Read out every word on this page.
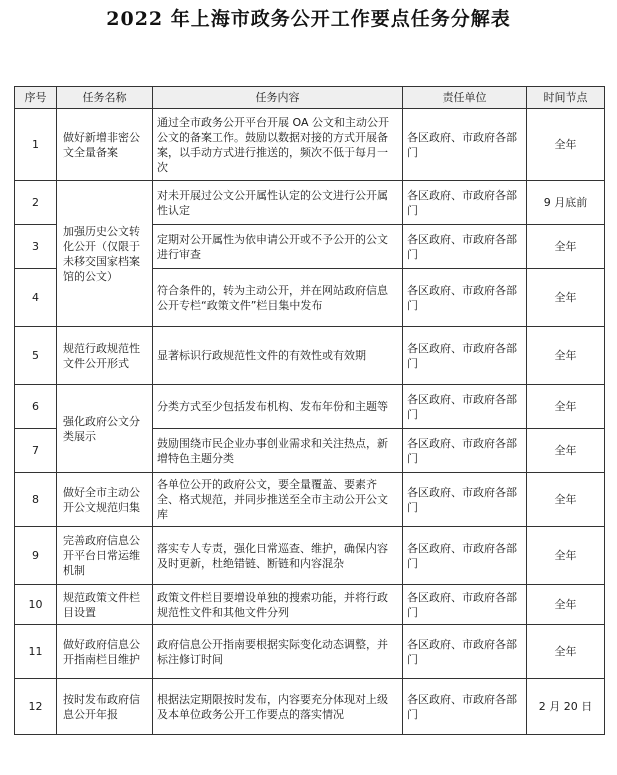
2022 年上海市政务公开工作要点任务分解表
序号	任务名称	任务内容	责任单位	时间节点
1	做好新增非密公文全量备案	通过全市政务公开平台开展 OA 公文和主动公开公文的备案工作。鼓励以数据对接的方式开展备案，以手动方式进行推送的，频次不低于每月一次	各区政府、市政府各部门	全年
2	加强历史公文转化公开（仅限于未移交国家档案馆的公文）	对未开展过公文公开属性认定的公文进行公开属性认定	各区政府、市政府各部门	9 月底前
3		定期对公开属性为依申请公开或不予公开的公文进行审查	各区政府、市政府各部门	全年
4		符合条件的，转为主动公开，并在网站政府信息公开专栏“政策文件”栏目集中发布	各区政府、市政府各部门	全年
5	规范行政规范性文件公开形式	显著标识行政规范性文件的有效性或有效期	各区政府、市政府各部门	全年
6	强化政府公文分类展示	分类方式至少包括发布机构、发布年份和主题等	各区政府、市政府各部门	全年
7		鼓励围绕市民企业办事创业需求和关注热点，新增特色主题分类	各区政府、市政府各部门	全年
8	做好全市主动公开公文规范归集	各单位公开的政府公文，要全量覆盖、要素齐全、格式规范，并同步推送至全市主动公开公文库	各区政府、市政府各部门	全年
9	完善政府信息公开平台日常运维机制	落实专人专责，强化日常巡查、维护，确保内容及时更新，杜绝错链、断链和内容混杂	各区政府、市政府各部门	全年
10	规范政策文件栏目设置	政策文件栏目要增设单独的搜索功能，并将行政规范性文件和其他文件分列	各区政府、市政府各部门	全年
11	做好政府信息公开指南栏目维护	政府信息公开指南要根据实际变化动态调整，并标注修订时间	各区政府、市政府各部门	全年
12	按时发布政府信息公开年报	根据法定期限按时发布，内容要充分体现对上级及本单位政务公开工作要点的落实情况	各区政府、市政府各部门	2 月 20 日
